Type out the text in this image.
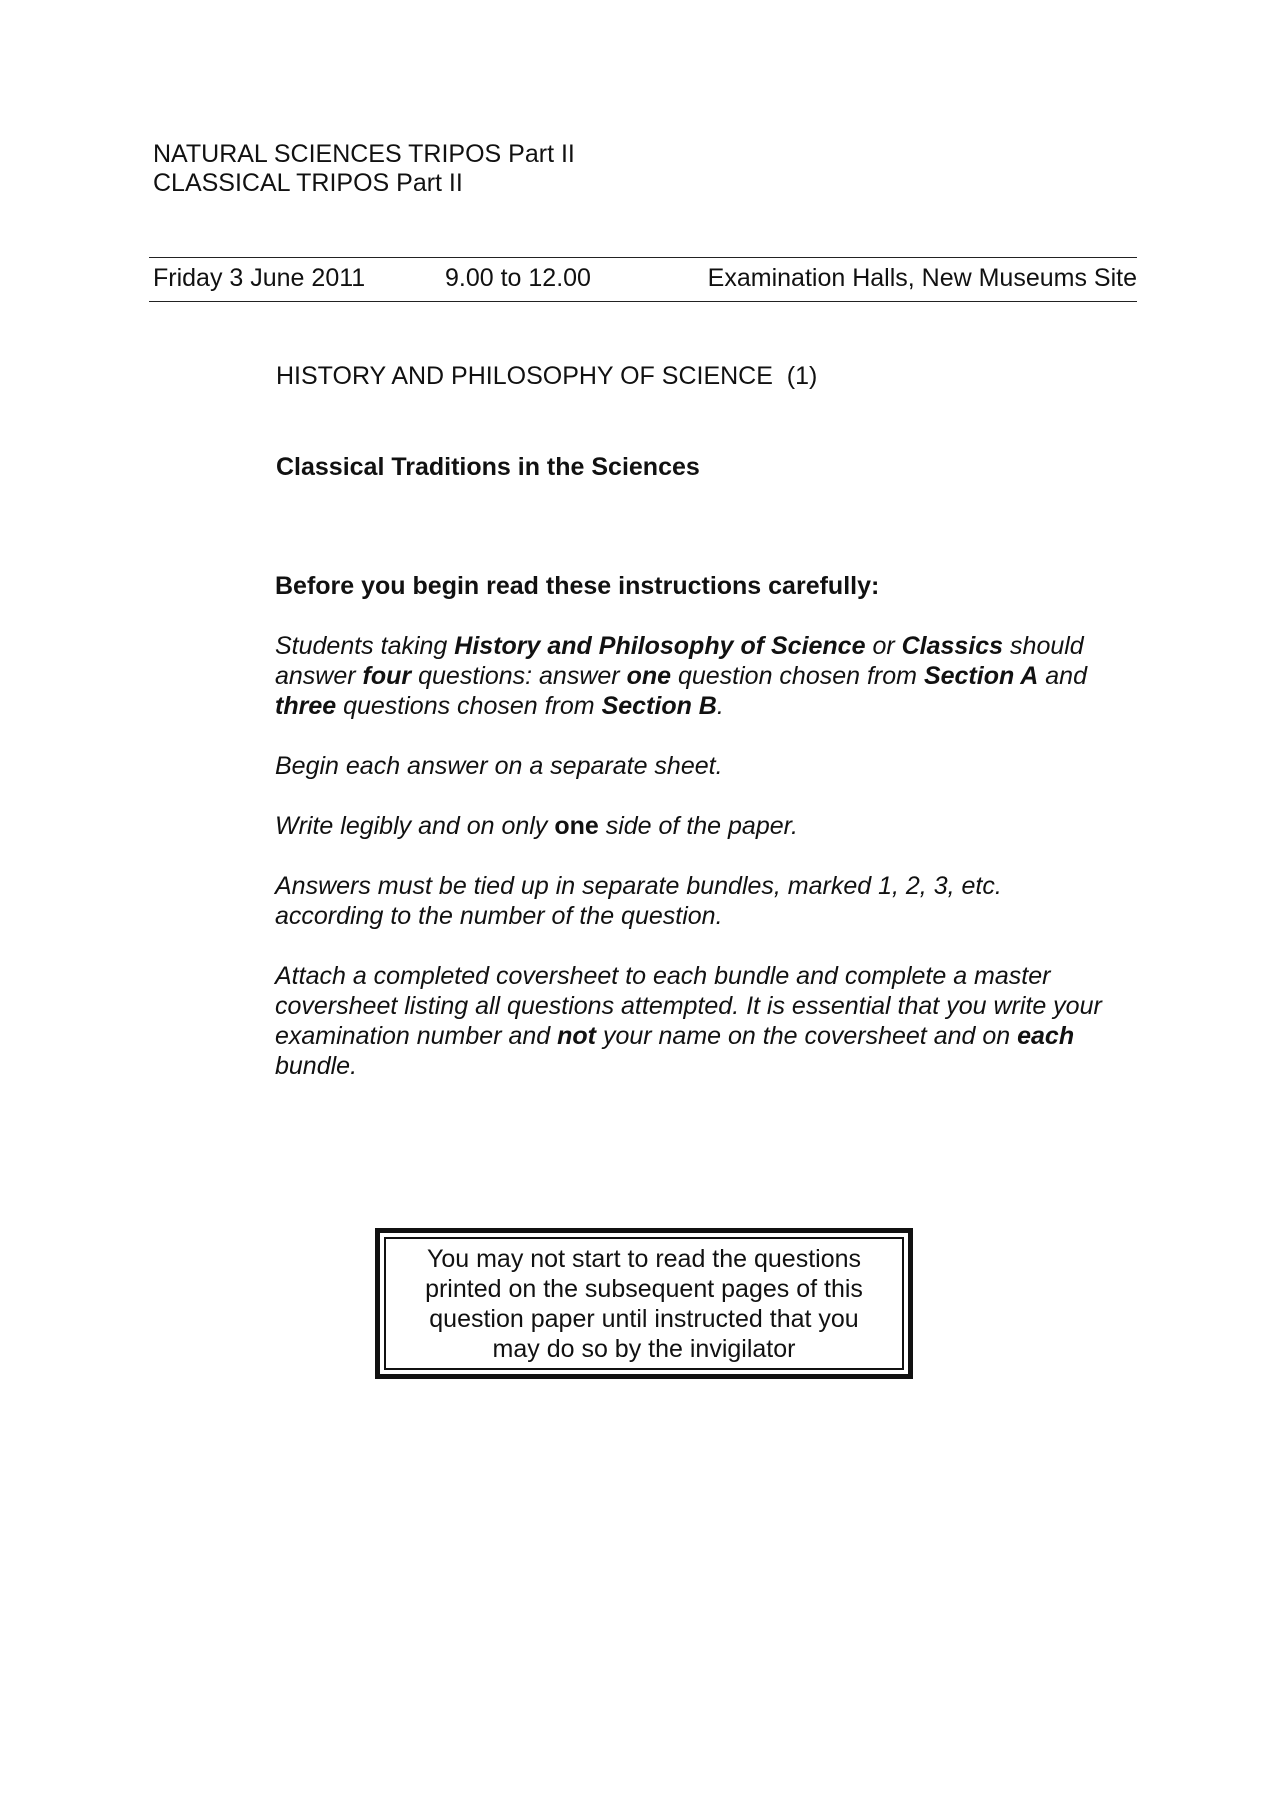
NATURAL SCIENCES TRIPOS Part II
CLASSICAL TRIPOS Part II
Friday 3 June 2011	9.00 to 12.00	Examination Halls, New Museums Site
HISTORY AND PHILOSOPHY OF SCIENCE  (1)
Classical Traditions in the Sciences
Before you begin read these instructions carefully:
Students taking History and Philosophy of Science or Classics should answer four questions: answer one question chosen from Section A and three questions chosen from Section B.
Begin each answer on a separate sheet.
Write legibly and on only one side of the paper.
Answers must be tied up in separate bundles, marked 1, 2, 3, etc.
according to the number of the question.
Attach a completed coversheet to each bundle and complete a master coversheet listing all questions attempted. It is essential that you write your examination number and not your name on the coversheet and on each bundle.
You may not start to read the questions
printed on the subsequent pages of this
question paper until instructed that you
may do so by the invigilator
